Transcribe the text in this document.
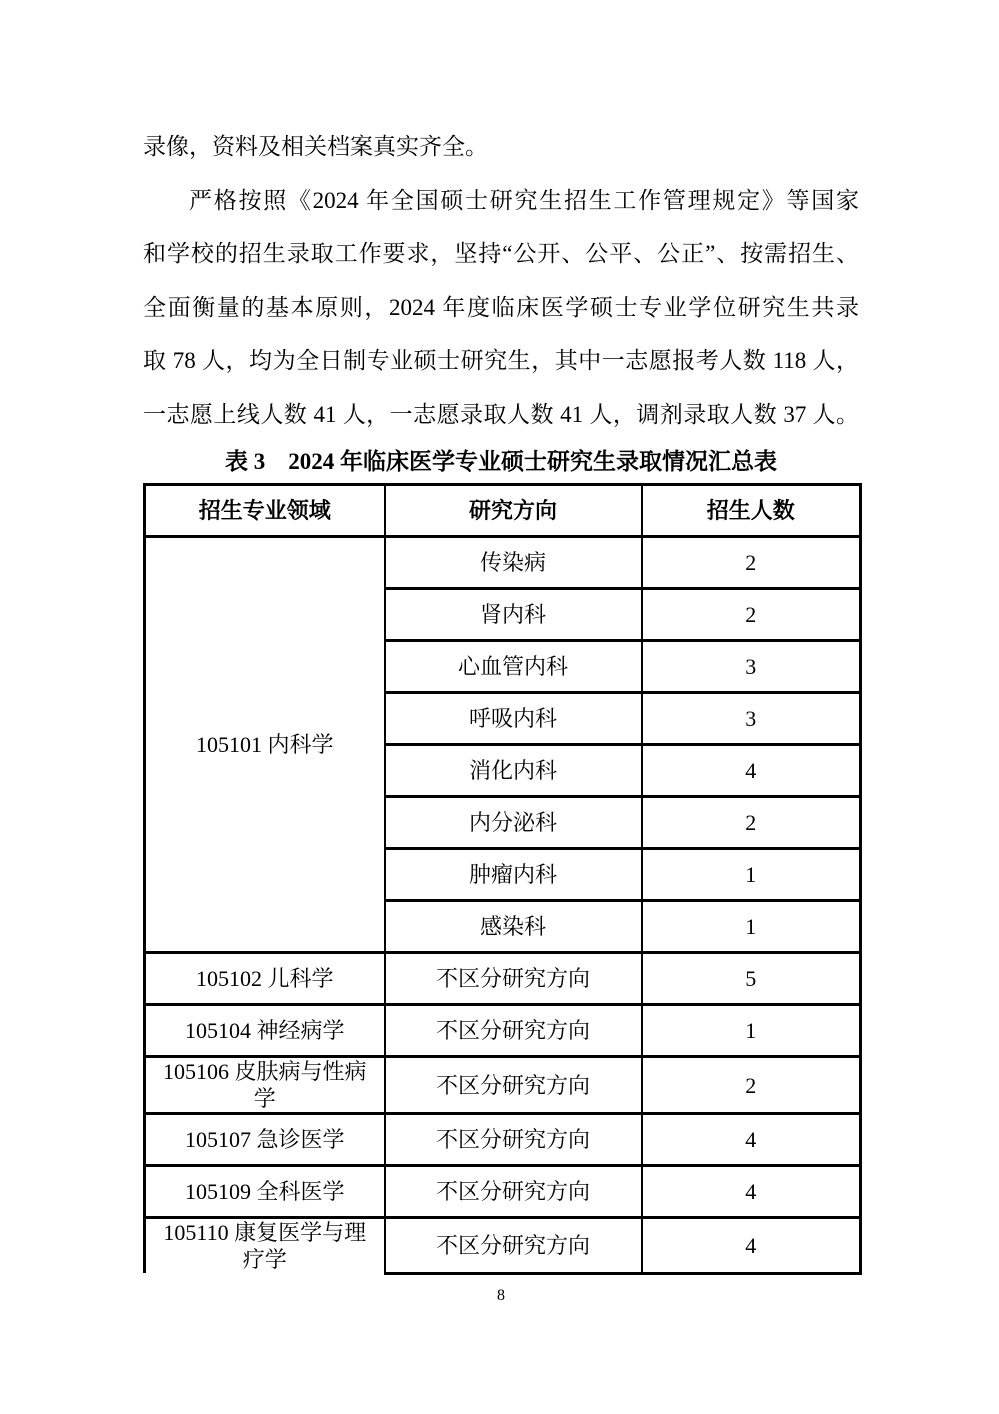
录像，资料及相关档案真实齐全。
严格按照《2024 年全国硕士研究生招生工作管理规定》等国家
和学校的招生录取工作要求，坚持“公开、公平、公正”、按需招生、
全面衡量的基本原则，2024 年度临床医学硕士专业学位研究生共录
取 78 人，均为全日制专业硕士研究生，其中一志愿报考人数 118 人，
一志愿上线人数 41 人，一志愿录取人数 41 人，调剂录取人数 37 人。
表 3　2024 年临床医学专业硕士研究生录取情况汇总表
招生专业领域	研究方向	招生人数
105101 内科学	传染病	2
	肾内科	2
	心血管内科	3
	呼吸内科	3
	消化内科	4
	内分泌科	2
	肿瘤内科	1
	感染科	1
105102 儿科学	不区分研究方向	5
105104 神经病学	不区分研究方向	1
105106 皮肤病与性病学	不区分研究方向	2
105107 急诊医学	不区分研究方向	4
105109 全科医学	不区分研究方向	4
105110 康复医学与理疗学	不区分研究方向	4
8
